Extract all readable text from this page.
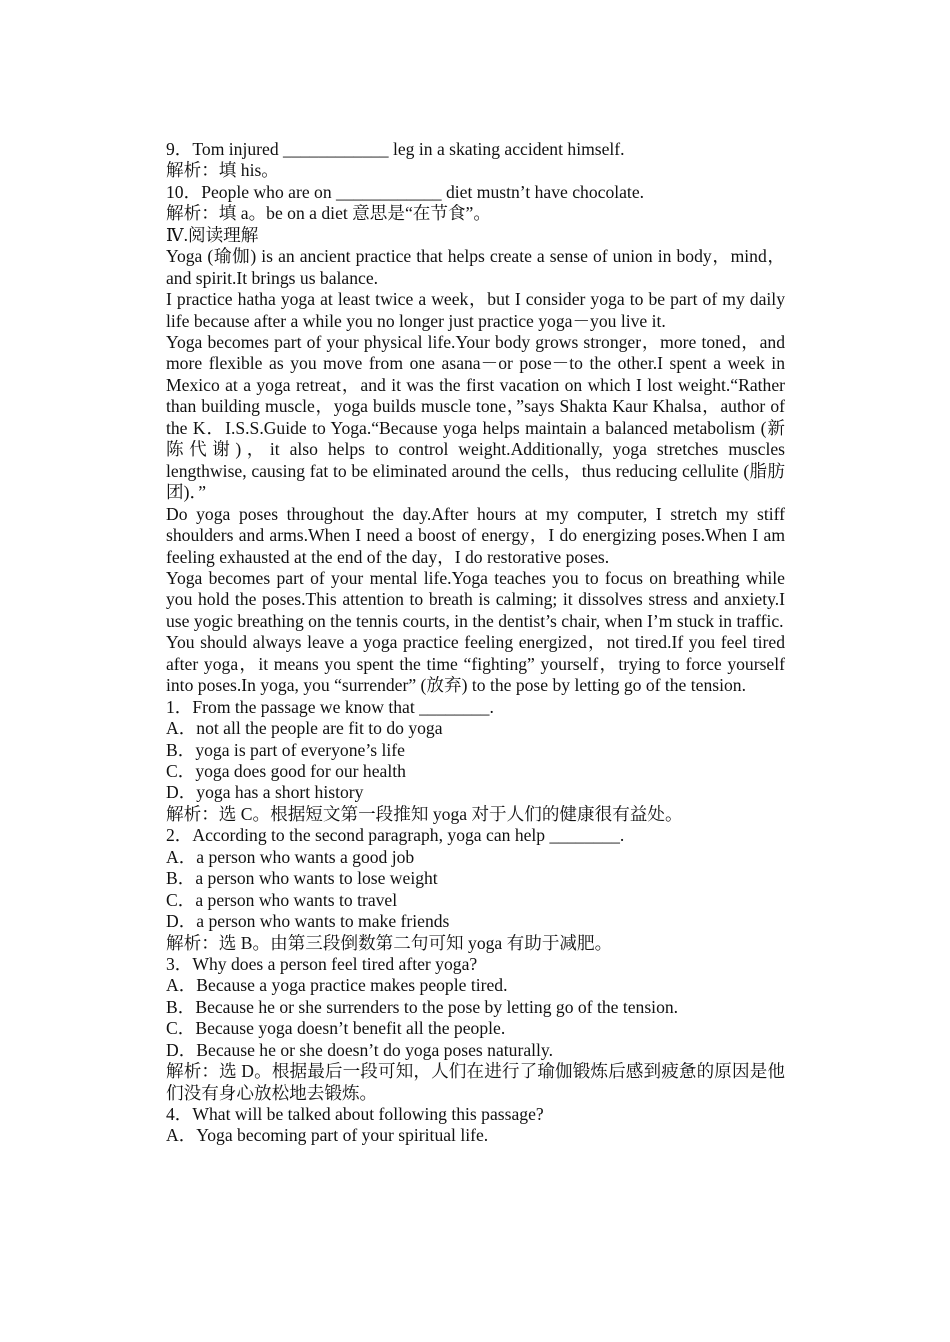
9．Tom injured ____________ leg in a skating accident himself.
解析：填 his。
10．People who are on ____________ diet mustn’t have chocolate.
解析：填 a。be on a diet 意思是“在节食”。
Ⅳ.阅读理解

Yoga (瑜伽) is an ancient practice that helps create a sense of union in body，mind，and spirit.It brings us balance.

I practice hatha yoga at least twice a week，but I consider yoga to be part of my daily life because after a while you no longer just practice yoga－you live it.

Yoga becomes part of your physical life.Your body grows stronger，more toned，and more flexible as you move from one asana－or pose－to the other.I spent a week in Mexico at a yoga retreat，and it was the first vacation on which I lost weight.“Rather than building muscle，yoga builds muscle tone，”says Shakta Kaur Khalsa，author of the K．I.S.S.Guide to Yoga.“Because yoga helps maintain a balanced metabolism (新陈代谢)，it also helps to control weight.Additionally, yoga stretches muscles lengthwise, causing fat to be eliminated around the cells，thus reducing cellulite (脂肪团)．”

Do yoga poses throughout the day.After hours at my computer, I stretch my stiff shoulders and arms.When I need a boost of energy，I do energizing poses.When I am feeling exhausted at the end of the day，I do restorative poses.

Yoga becomes part of your mental life.Yoga teaches you to focus on breathing while you hold the poses.This attention to breath is calming; it dissolves stress and anxiety.I use yogic breathing on the tennis courts, in the dentist’s chair, when I’m stuck in traffic.

You should always leave a yoga practice feeling energized，not tired.If you feel tired after yoga，it means you spent the time “fighting” yourself，trying to force yourself into poses.In yoga, you “surrender” (放弃) to the pose by letting go of the tension.

1．From the passage we know that ________.
A．not all the people are fit to do yoga
B．yoga is part of everyone’s life
C．yoga does good for our health
D．yoga has a short history
解析：选 C。根据短文第一段推知 yoga 对于人们的健康很有益处。
2．According to the second paragraph, yoga can help ________.
A．a person who wants a good job
B．a person who wants to lose weight
C．a person who wants to travel
D．a person who wants to make friends
解析：选 B。由第三段倒数第二句可知 yoga 有助于减肥。
3．Why does a person feel tired after yoga?
A．Because a yoga practice makes people tired.
B．Because he or she surrenders to the pose by letting go of the tension.
C．Because yoga doesn’t benefit all the people.
D．Because he or she doesn’t do yoga poses naturally.

解析：选 D。根据最后一段可知，人们在进行了瑜伽锻炼后感到疲惫的原因是他们没有身心放松地去锻炼。

4．What will be talked about following this passage?
A．Yoga becoming part of your spiritual life.
